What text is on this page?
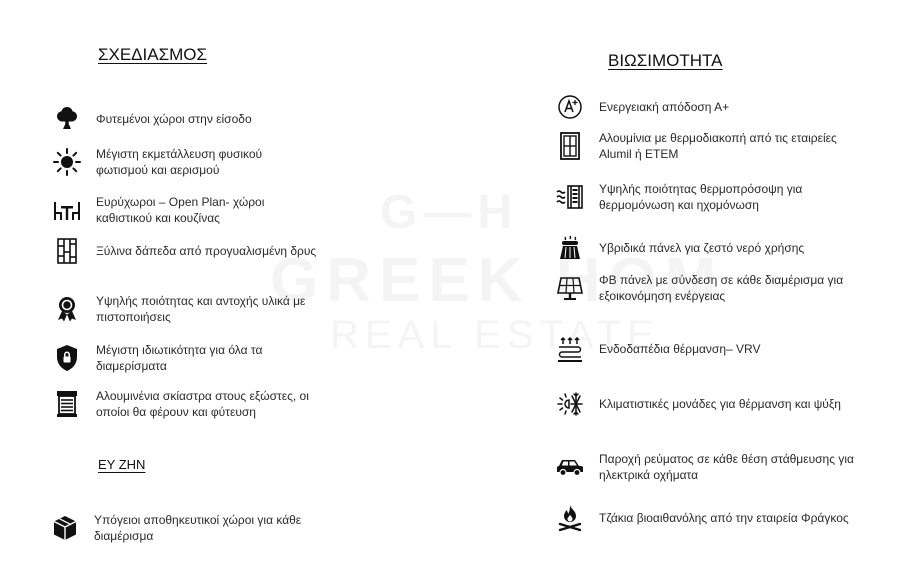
ΣΧΕΔΙΑΣΜΟΣ
Φυτεμένοι χώροι στην είσοδο
Μέγιστη εκμετάλλευση φυσικού φωτισμού και αερισμού
Ευρύχωροι – Open Plan- χώροι καθιστικού και κουζίνας
Ξύλινα δάπεδα από προγυαλισμένη δρυς
Υψηλής ποιότητας και αντοχής υλικά με πιστοποιήσεις
Μέγιστη ιδιωτικότητα για όλα τα διαμερίσματα
Αλουμινένια σκίαστρα στους εξώστες, οι οποίοι θα φέρουν και φύτευση
ΕΥ ΖΗΝ
Υπόγειοι αποθηκευτικοί χώροι για κάθε διαμέρισμα
ΒΙΩΣΙΜΟΤΗΤΑ
Ενεργειακή απόδοση Α+
Αλουμίνια με θερμοδιακοπή από τις εταιρείες Alumil ή ETEM
Υψηλής ποιότητας θερμοπρόσοψη για θερμομόνωση και ηχομόνωση
Υβριδικά πάνελ για ζεστό νερό χρήσης
ΦΒ πάνελ με σύνδεση σε κάθε διαμέρισμα για εξοικονόμηση ενέργειας
Ενδοδαπέδια θέρμανση– VRV
Κλιματιστικές μονάδες για θέρμανση και ψύξη
Παροχή ρεύματος σε κάθε θέση στάθμευσης για ηλεκτρικά οχήματα
Τζάκια βιοαιθανόλης από την εταιρεία Φράγκος
